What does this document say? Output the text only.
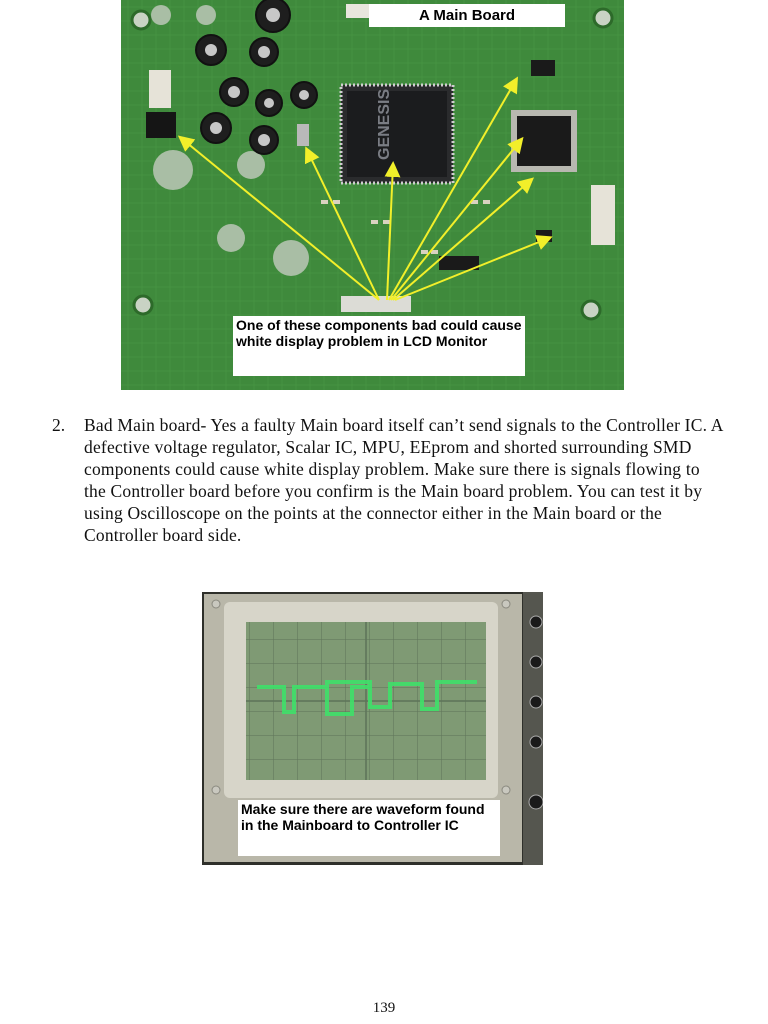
GENESIS
A Main Board
One of these components bad could cause white display problem in LCD Monitor
2. Bad Main board- Yes a faulty Main board itself can’t send signals to the Controller IC. A defective voltage regulator, Scalar IC, MPU, EEprom and shorted surrounding SMD components could cause white display problem. Make sure there is signals flowing to the Controller board before you confirm is the Main board problem. You can test it by using Oscilloscope on the points at the connector either in the Main board or the Controller board side.
Make sure there are waveform found in the Mainboard to Controller IC
139
